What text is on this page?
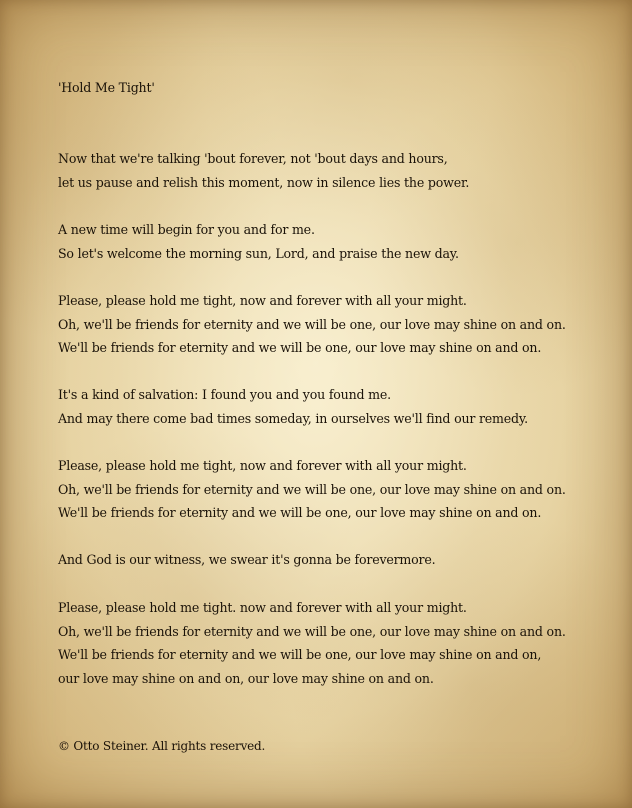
'Hold Me Tight'
Now that we're talking 'bout forever, not 'bout days and hours,
let us pause and relish this moment, now in silence lies the power.
A new time will begin for you and for me.
So let's welcome the morning sun, Lord, and praise the new day.
Please, please hold me tight, now and forever with all your might.
Oh, we'll be friends for eternity and we will be one, our love may shine on and on.
We'll be friends for eternity and we will be one, our love may shine on and on.
It's a kind of salvation: I found you and you found me.
And may there come bad times someday, in ourselves we'll find our remedy.
Please, please hold me tight, now and forever with all your might.
Oh, we'll be friends for eternity and we will be one, our love may shine on and on.
We'll be friends for eternity and we will be one, our love may shine on and on.
And God is our witness, we swear it's gonna be forevermore.
Please, please hold me tight. now and forever with all your might.
Oh, we'll be friends for eternity and we will be one, our love may shine on and on.
We'll be friends for eternity and we will be one, our love may shine on and on,
our love may shine on and on, our love may shine on and on.
© Otto Steiner. All rights reserved.
